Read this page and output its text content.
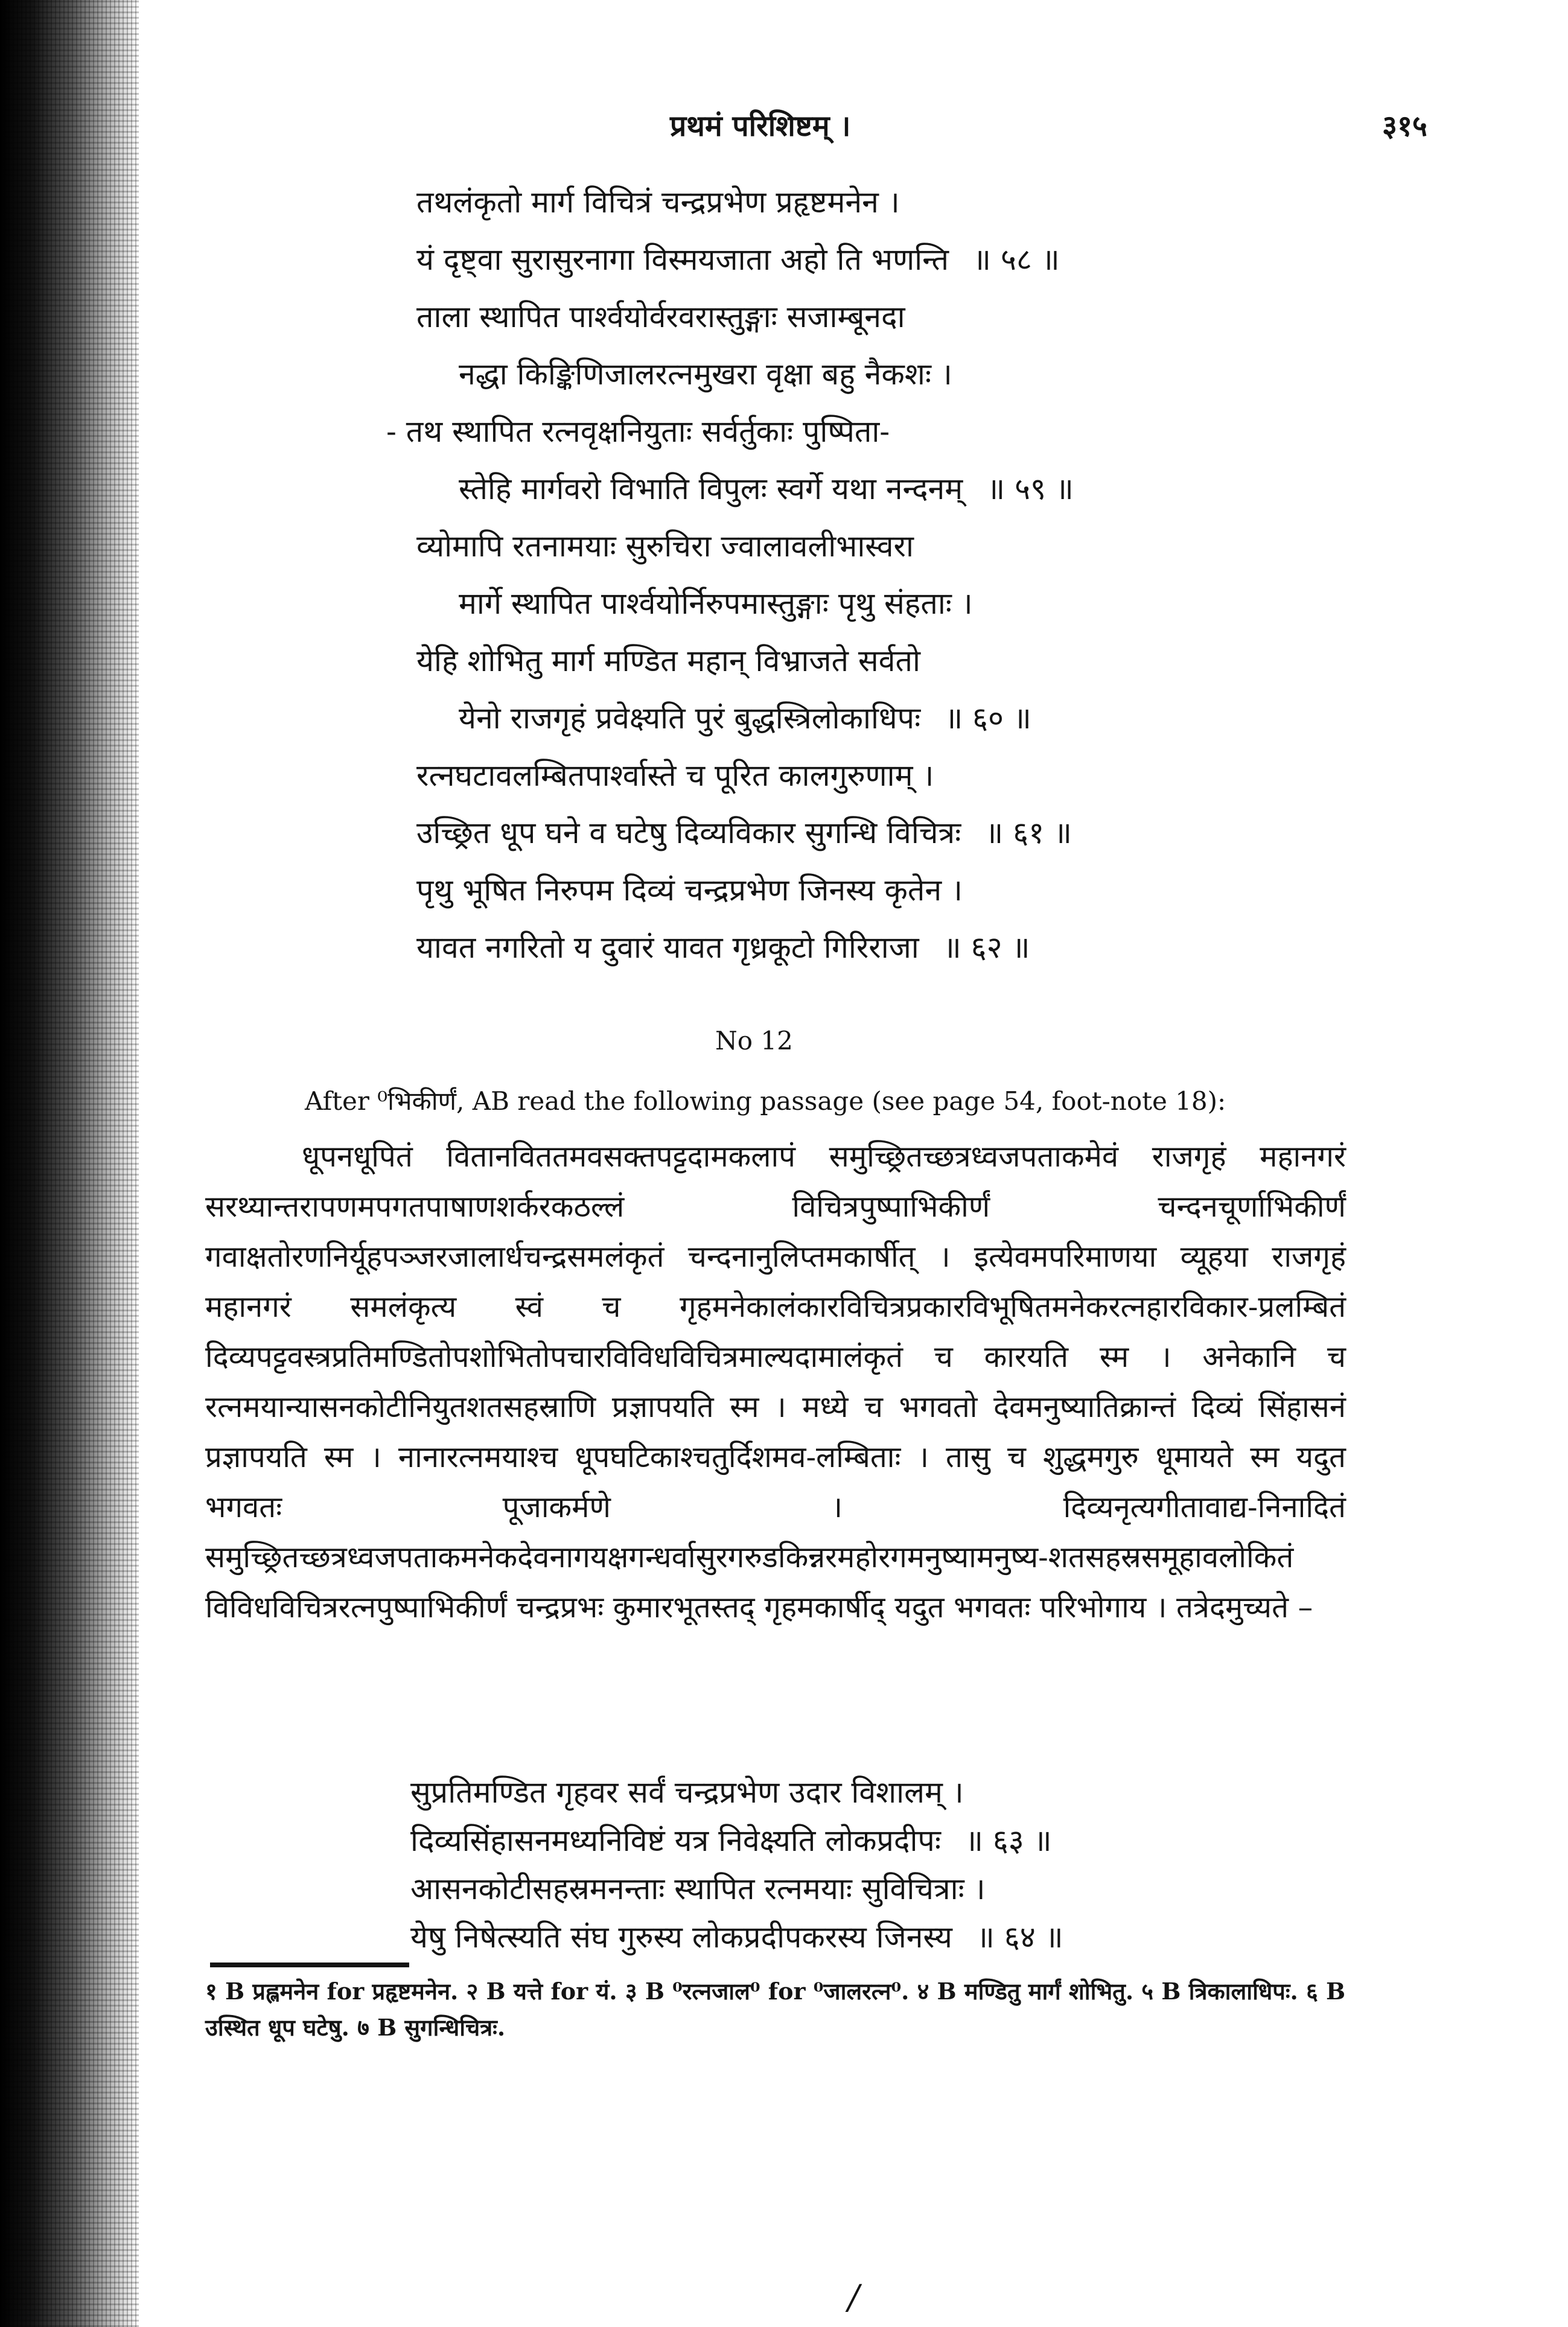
प्रथमं परिशिष्टम् ।	३१५
तथलंकृतो मार्ग विचित्रं चन्द्रप्रभेण प्रहृष्टमनेन ।
यं दृष्ट्वा सुरासुरनागा विस्मयजाता अहो ति भणन्ति ॥ ५८ ॥
ताला स्थापित पार्श्वयोर्वरवरास्तुङ्गाः सजाम्बूनदा
नद्धा किङ्किणिजालरत्नमुखरा वृक्षा बहु नैकशः ।
- तथ स्थापित रत्नवृक्षनियुताः सर्वर्तुकाः पुष्पिता-
स्तेहि मार्गवरो विभाति विपुलः स्वर्गे यथा नन्दनम् ॥ ५९ ॥
व्योमापि रतनामयाः सुरुचिरा ज्वालावलीभास्वरा
मार्गे स्थापित पार्श्वयोर्निरुपमास्तुङ्गाः पृथु संहताः ।
येहि शोभितु मार्ग मण्डित महान् विभ्राजते सर्वतो
येनो राजगृहं प्रवेक्ष्यति पुरं बुद्धस्त्रिलोकाधिपः ॥ ६० ॥
रत्नघटावलम्बितपार्श्वास्ते च पूरित कालगुरुणाम् ।
उच्छ्रित धूप घने व घटेषु दिव्यविकार सुगन्धि विचित्रः ॥ ६१ ॥
पृथु भूषित निरुपम दिव्यं चन्द्रप्रभेण जिनस्य कृतेन ।
यावत नगरितो य दुवारं यावत गृध्रकूटो गिरिराजा ॥ ६२ ॥
No 12
After ⁰भिकीर्णं, AB read the following passage (see page 54, foot-note 18):
धूपनधूपितं वितानविततमवसक्तपट्टदामकलापं समुच्छ्रितच्छत्रध्वजपताकमेवं राजगृहं महानगरं सरथ्यान्तरापणमपगतपाषाणशर्करकठल्लं विचित्रपुष्पाभिकीर्णं चन्दनचूर्णाभिकीर्णं गवाक्षतोरणनिर्यूहपञ्जरजालार्धचन्द्रसमलंकृतं चन्दनानुलिप्तमकार्षीत् । इत्येवमपरिमाणया व्यूहया राजगृहं महानगरं समलंकृत्य स्वं च गृहमनेकालंकारविचित्रप्रकारविभूषितमनेकरत्नहारविकार-प्रलम्बितं दिव्यपट्टवस्त्रप्रतिमण्डितोपशोभितोपचारविविधविचित्रमाल्यदामालंकृतं च कारयति स्म । अनेकानि च रत्नमयान्यासनकोटीनियुतशतसहस्राणि प्रज्ञापयति स्म । मध्ये च भगवतो देवमनुष्यातिक्रान्तं दिव्यं सिंहासनं प्रज्ञापयति स्म । नानारत्नमयाश्च धूपघटिकाश्चतुर्दिशमव-लम्बिताः । तासु च शुद्धमगुरु धूमायते स्म यदुत भगवतः पूजाकर्मणे । दिव्यनृत्यगीतावाद्य-निनादितं समुच्छ्रितच्छत्रध्वजपताकमनेकदेवनागयक्षगन्धर्वासुरगरुडकिन्नरमहोरगमनुष्यामनुष्य-शतसहस्रसमूहावलोकितं विविधविचित्ररत्नपुष्पाभिकीर्णं चन्द्रप्रभः कुमारभूतस्तद् गृहमकार्षीद् यदुत भगवतः परिभोगाय । तत्रेदमुच्यते –
सुप्रतिमण्डित गृहवर सर्वं चन्द्रप्रभेण उदार विशालम् ।
दिव्यसिंहासनमध्यनिविष्टं यत्र निवेक्ष्यति लोकप्रदीपः ॥ ६३ ॥
आसनकोटीसहस्रमनन्ताः स्थापित रत्नमयाः सुविचित्राः ।
येषु निषेत्स्यति संघ गुरुस्य लोकप्रदीपकरस्य जिनस्य ॥ ६४ ॥
१ B प्रह्लमनेन for प्रहृष्टमनेन. २ B यत्ते for यं. ३ B ⁰रत्नजाल⁰ for ⁰जालरत्न⁰. ४ B मण्डितु मार्गं शोभितु. ५ B त्रिकालाधिपः. ६ B उस्थित धूप घटेषु. ७ B सुगन्धिचित्रः.
/
